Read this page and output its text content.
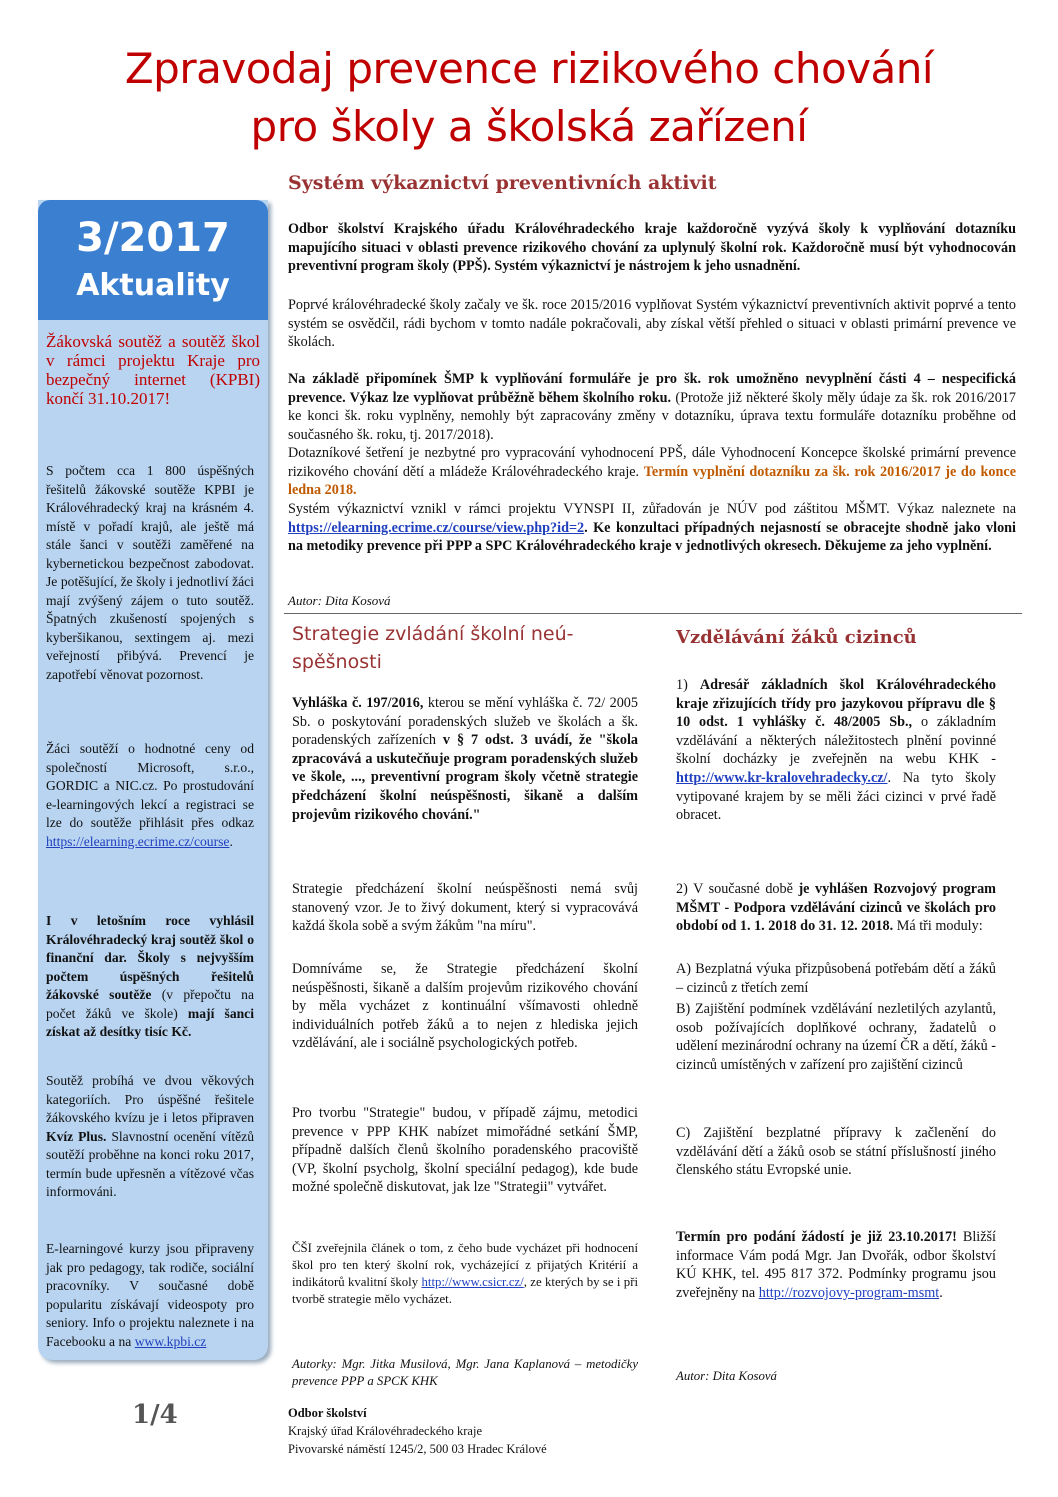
Zpravodaj prevence rizikového chování
pro školy a školská zařízení
3/2017
Aktuality
Žákovská soutěž a soutěž škol v rámci projektu Kraje pro bezpečný internet (KPBI) končí 31.10.2017!
S počtem cca 1 800 úspěšných řešitelů žákovské soutěže KPBI je Královéhradecký kraj na krásném 4. místě v pořadí krajů, ale ještě má stále šanci v soutěži zaměřené na kybernetickou bezpečnost zabodovat. Je potěšující, že školy i jednotliví žáci mají zvýšený zájem o tuto soutěž. Špatných zkušeností spojených s kyberšikanou, sextingem aj. mezi veřejností přibývá. Prevencí je zapotřebí věnovat pozornost.
Žáci soutěží o hodnotné ceny od společností Microsoft, s.r.o., GORDIC a NIC.cz. Po prostudování e-learningových lekcí a registraci se lze do soutěže přihlásit přes odkaz https://elearning.ecrime.cz/course.
I v letošním roce vyhlásil Královéhradecký kraj soutěž škol o finanční dar. Školy s nejvyšším počtem úspěšných řešitelů žákovské soutěže (v přepočtu na počet žáků ve škole) mají šanci získat až desítky tisíc Kč.
Soutěž probíhá ve dvou věkových kategoriích. Pro úspěšné řešitele žákovského kvízu je i letos připraven Kvíz Plus. Slavnostní ocenění vítězů soutěží proběhne na konci roku 2017, termín bude upřesněn a vítězové včas informováni.
E-learningové kurzy jsou připraveny jak pro pedagogy, tak rodiče, sociální pracovníky. V současné době popularitu získávají videospoty pro seniory. Info o projektu naleznete i na Facebooku a na www.kpbi.cz
1/4
Systém výkaznictví preventivních aktivit
Odbor školství Krajského úřadu Královéhradeckého kraje každoročně vyzývá školy k vyplňování dotazníku mapujícího situaci v oblasti prevence rizikového chování za uplynulý školní rok. Každoročně musí být vyhodnocován preventivní program školy (PPŠ). Systém výkaznictví je nástrojem k jeho usnadnění.
Poprvé královéhradecké školy začaly ve šk. roce 2015/2016 vyplňovat Systém výkaznictví preventivních aktivit poprvé a tento systém se osvědčil, rádi bychom v tomto nadále pokračovali, aby získal větší přehled o situaci v oblasti primární prevence ve školách.
Na základě připomínek ŠMP k vyplňování formuláře je pro šk. rok umožněno nevyplnění části 4 – nespecifická prevence. Výkaz lze vyplňovat průběžně během školního roku. (Protože již některé školy měly údaje za šk. rok 2016/2017 ke konci šk. roku vyplněny, nemohly být zapracovány změny v dotazníku, úprava textu formuláře dotazníku proběhne od současného šk. roku, tj. 2017/2018).
Dotazníkové šetření je nezbytné pro vypracování vyhodnocení PPŠ, dále Vyhodnocení Koncepce školské primární prevence rizikového chování dětí a mládeže Královéhradeckého kraje. Termín vyplnění dotazníku za šk. rok 2016/2017 je do konce ledna 2018.
Systém výkaznictví vznikl v rámci projektu VYNSPI II, zůřadován je NÚV pod záštitou MŠMT. Výkaz naleznete na https://elearning.ecrime.cz/course/view.php?id=2. Ke konzultaci případných nejasností se obracejte shodně jako vloni na metodiky prevence při PPP a SPC Královéhradeckého kraje v jednotlivých okresech. Děkujeme za jeho vyplnění.
Autor: Dita Kosová
Strategie zvládání školní neú-
spěšnosti
Vyhláška č. 197/2016, kterou se mění vyhláška č. 72/ 2005 Sb. o poskytování poradenských služeb ve školách a šk. poradenských zařízeních v § 7 odst. 3 uvádí, že "škola zpracovává a uskutečňuje program poradenských služeb ve škole, ..., preventivní program školy včetně strategie předcházení školní neúspěšnosti, šikaně a dalším projevům rizikového chování."
Strategie předcházení školní neúspěšnosti nemá svůj stanovený vzor. Je to živý dokument, který si vypracovává každá škola sobě a svým žákům "na míru".
Domníváme se, že Strategie předcházení školní neúspěšnosti, šikaně a dalším projevům rizikového chování by měla vycházet z kontinuální všímavosti ohledně individuálních potřeb žáků a to nejen z hlediska jejich vzdělávání, ale i sociálně psychologických potřeb.
Pro tvorbu "Strategie" budou, v případě zájmu, metodici prevence v PPP KHK nabízet mimořádné setkání ŠMP, případně dalších členů školního poradenského pracoviště (VP, školní psycholg, školní speciální pedagog), kde bude možné společně diskutovat, jak lze "Strategii" vytvářet.
ČŠI zveřejnila článek o tom, z čeho bude vycházet při hodnocení škol pro ten který školní rok, vycházející z přijatých Kritérií a indikátorů kvalitní školy http://www.csicr.cz/, ze kterých by se i při tvorbě strategie mělo vycházet.
Autorky: Mgr. Jitka Musilová, Mgr. Jana Kaplanová – metodičky prevence PPP a SPCK KHK
Vzdělávání žáků cizinců
1) Adresář základních škol Královéhradeckého kraje zřizujících třídy pro jazykovou přípravu dle § 10 odst. 1 vyhlášky č. 48/2005 Sb., o základním vzdělávání a některých náležitostech plnění povinné školní docházky je zveřejněn na webu KHK - http://www.kr-kralovehradecky.cz/. Na tyto školy vytipované krajem by se měli žáci cizinci v prvé řadě obracet.
2) V současné době je vyhlášen Rozvojový program MŠMT - Podpora vzdělávání cizinců ve školách pro období od 1. 1. 2018 do 31. 12. 2018. Má tři moduly:
A) Bezplatná výuka přizpůsobená potřebám dětí a žáků – cizinců z třetích zemí
B) Zajištění podmínek vzdělávání nezletilých azylantů, osob požívajících doplňkové ochrany, žadatelů o udělení mezinárodní ochrany na území ČR a dětí, žáků - cizinců umístěných v zařízení pro zajištění cizinců
C) Zajištění bezplatné přípravy k začlenění do vzdělávání dětí a žáků osob se státní příslušností jiného členského státu Evropské unie.
Termín pro podání žádostí je již 23.10.2017! Bližší informace Vám podá Mgr. Jan Dvořák, odbor školství KÚ KHK, tel. 495 817 372. Podmínky programu jsou zveřejněny na http://rozvojovy-program-msmt.
Autor: Dita Kosová
Odbor školství
Krajský úřad Královéhradeckého kraje
Pivovarské náměstí 1245/2, 500 03 Hradec Králové
